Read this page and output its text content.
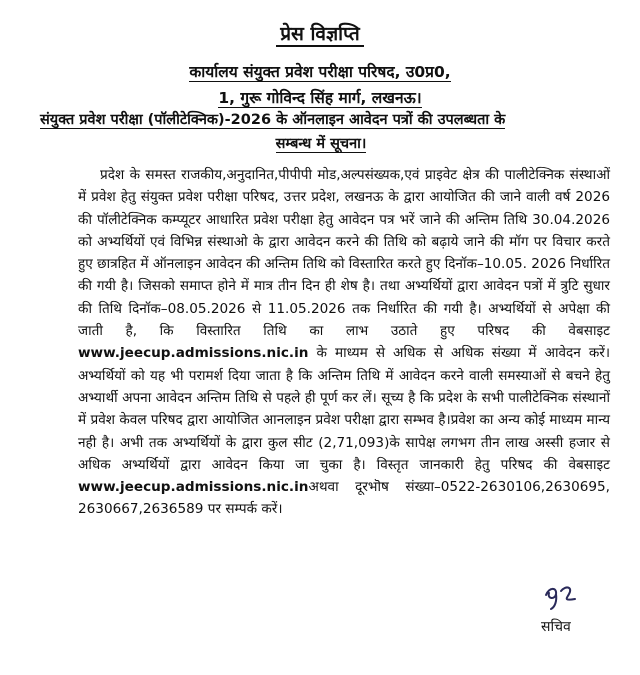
प्रेस विज्ञप्ति
कार्यालय संयुक्त प्रवेश परीक्षा परिषद, उ0प्र0,
1, गुरू गोविन्द सिंह मार्ग, लखनऊ।
संयुक्त प्रवेश परीक्षा (पॉलीटेक्निक)-2026 के ऑनलाइन आवेदन पत्रों की उपलब्धता के
सम्बन्ध में सूचना।

प्रदेश के समस्त राजकीय,अनुदानित,पीपीपी मोड,अल्पसंख्यक,एवं प्राइवेट क्षेत्र की पालीटेक्निक संस्थाओं में प्रवेश हेतु संयुक्त प्रवेश परीक्षा परिषद, उत्तर प्रदेश, लखनऊ के द्वारा आयोजित की जाने वाली वर्ष 2026 की पॉलीटेक्निक कम्प्यूटर आधारित प्रवेश परीक्षा हेतु आवेदन पत्र भरें जाने की अन्तिम तिथि 30.04.2026 को अभ्यर्थियों एवं विभिन्न संस्थाओ के द्वारा आवेदन करने की तिथि को बढ़ाये जाने की मॉग पर विचार करते हुए छात्रहित में ऑनलाइन आवेदन की अन्तिम तिथि को विस्तारित करते हुए दिनॉक–10.05. 2026 निर्धारित की गयी है। जिसको समाप्त होने में मात्र तीन दिन ही शेष है। तथा अभ्यर्थियों द्वारा आवेदन पत्रों में त्रुटि सुधार की तिथि दिनॉक–08.05.2026 से 11.05.2026 तक निर्धारित की गयी है। अभ्यर्थियों से अपेक्षा की जाती है, कि विस्तारित तिथि का लाभ उठाते हुए परिषद की वेबसाइट www.jeecup.admissions.nic.in के माध्यम से अधिक से अधिक संख्या में आवेदन करें। अभ्यर्थियों को यह भी परामर्श दिया जाता है कि अन्तिम तिथि में आवेदन करने वाली समस्याओं से बचने हेतु अभ्यार्थी अपना आवेदन अन्तिम तिथि से पहले ही पूर्ण कर लें। सूच्य है कि प्रदेश के सभी पालीटेक्निक संस्थानों में प्रवेश केवल परिषद द्वारा आयोजित आनलाइन प्रवेश परीक्षा द्वारा सम्भव है।प्रवेश का अन्य कोई माध्यम मान्य नही है। अभी तक अभ्यर्थियों के द्वारा कुल सीट (2,71,093)के सापेक्ष लगभग तीन लाख अस्सी हजार से अधिक अभ्यर्थियों द्वारा आवेदन किया जा चुका है। विस्तृत जानकारी हेतु परिषद की वेबसाइट www.jeecup.admissions.nic.inअथवा दूरभॊष संख्या–0522-2630106,2630695, 2630667,2636589 पर सम्पर्क करें।

सचिव
